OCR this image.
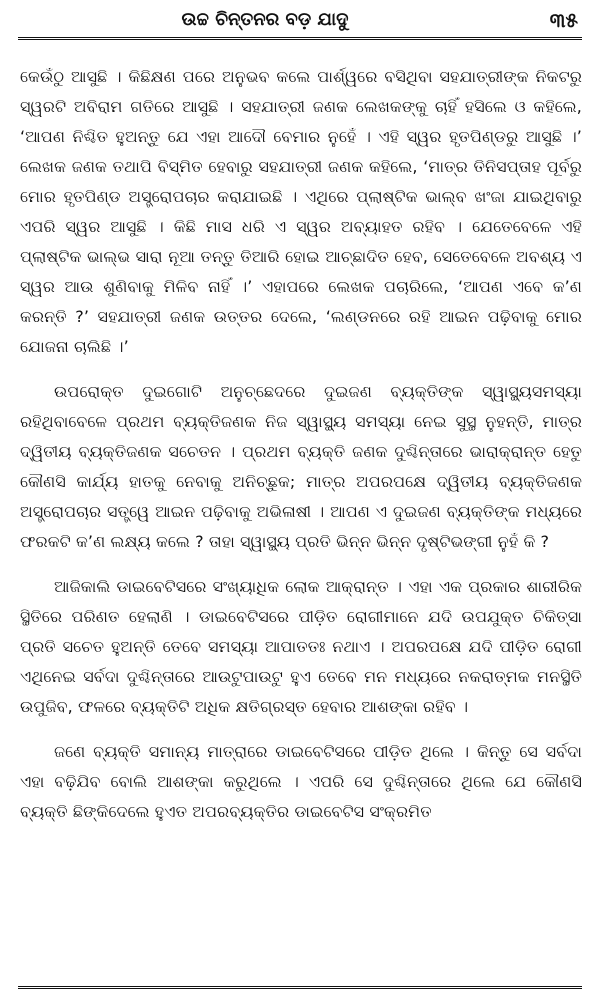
ଉଚ୍ଚ ଚିନ୍ତନର ବଡ଼ ଯାଦୁ	୩୫

କେଉଁଠୁ ଆସୁଛି । କିଛିକ୍ଷଣ ପରେ ଅନୁଭବ କଲେ ପାର୍ଶ୍ୱରେ ବସିଥିବା ସହଯାତ୍ରୀଙ୍କ ନିକଟରୁ ସ୍ୱରଟି ଅବିରାମ ଗତିରେ ଆସୁଛି । ସହଯାତ୍ରୀ ଜଣକ ଲେଖକଙ୍କୁ ଚାହିଁ ହସିଲେ ଓ କହିଲେ, ‘ଆପଣ ନିଶ୍ଚିତ ହୁଅନ୍ତୁ ଯେ ଏହା ଆଦୌ ବେମାର ନୁହେଁ । ଏହି ସ୍ୱର ହୃତପିଣ୍ଡରୁ ଆସୁଛି ।’ ଲେଖକ ଜଣକ ତଥାପି ବିସ୍ମିତ ହେବାରୁ ସହଯାତ୍ରୀ ଜଣକ କହିଲେ, ‘ମାତ୍ର ତିନିସପ୍ତାହ ପୂର୍ବରୁ ମୋର ହୃତପିଣ୍ଡ ଅସ୍ତ୍ରୋପଚାର କରାଯାଇଛି । ଏଥିରେ ପ୍ଲାଷ୍ଟିକ ଭାଲ୍‌ବ ଖଂଜା ଯାଇଥିବାରୁ ଏପରି ସ୍ୱର ଆସୁଛି । କିଛି ମାସ ଧରି ଏ ସ୍ୱର ଅବ୍ୟାହତ ରହିବ । ଯେତେବେଳେ ଏହି ପ୍ଲାଷ୍ଟିକ ଭାଲ୍‌ଭ ସାରା ନୂଆ ତନ୍ତୁ ତିଆରି ହୋଇ ଆଚ୍ଛାଦିତ ହେବ, ସେତେବେଳେ ଅବଶ୍ୟ ଏ ସ୍ୱର ଆଉ ଶୁଣିବାକୁ ମିଳିବ ନାହିଁ ।’ ଏହାପରେ ଲେଖକ ପଚାରିଲେ, ‘ଆପଣ ଏବେ କ’ଣ କରନ୍ତି ?’ ସହଯାତ୍ରୀ ଜଣକ ଉତ୍ତର ଦେଲେ, ‘ଲଣ୍ଡନରେ ରହି ଆଇନ ପଢ଼ିବାକୁ ମୋର ଯୋଜନା ଚାଲିଛି ।’

ଉପରୋକ୍ତ ଦୁଇଗୋଟି ଅନୁଚ୍ଛେଦରେ ଦୁଇଜଣ ବ୍ୟକ୍ତିଙ୍କ ସ୍ୱାସ୍ଥ୍ୟସମସ୍ୟା ରହିଥିବାବେଳେ ପ୍ରଥମ ବ୍ୟକ୍ତିଜଣକ ନିଜ ସ୍ୱାସ୍ଥ୍ୟ ସମସ୍ୟା ନେଇ ସୁସ୍ଥ ନୁହନ୍ତି, ମାତ୍ର ଦ୍ୱିତୀୟ ବ୍ୟକ୍ତିଜଣକ ସଚେତନ । ପ୍ରଥମ ବ୍ୟକ୍ତି ଜଣକ ଦୁଶ୍ଚିନ୍ତାରେ ଭାରାକ୍ରାନ୍ତ ହେତୁ କୌଣସି କାର୍ଯ୍ୟ ହାତକୁ ନେବାକୁ ଅନିଚ୍ଛୁକ; ମାତ୍ର ଅପରପକ୍ଷେ ଦ୍ୱିତୀୟ ବ୍ୟକ୍ତିଜଣକ ଅସ୍ତ୍ରୋପଚାର ସତ୍ତ୍ୱେ ଆଇନ ପଢ଼ିବାକୁ ଅଭିଳାଷୀ । ଆପଣ ଏ ଦୁଇଜଣ ବ୍ୟକ୍ତିଙ୍କ ମଧ୍ୟରେ ଫରକଟି କ’ଣ ଲକ୍ଷ୍ୟ କଲେ ? ତାହା ସ୍ୱାସ୍ଥ୍ୟ ପ୍ରତି ଭିନ୍ନ ଭିନ୍ନ ଦୃଷ୍ଟିଭଙ୍ଗୀ ନୁହଁ କି ?

ଆଜିକାଲି ଡାଇବେଟିସରେ ସଂଖ୍ୟାଧିକ ଲୋକ ଆକ୍ରାନ୍ତ । ଏହା ଏକ ପ୍ରକାର ଶାରୀରିକ ସ୍ଥିତିରେ ପରିଣତ ହେଲାଣି । ଡାଇବେଟିସରେ ପୀଡ଼ିତ ରୋଗୀମାନେ ଯଦି ଉପଯୁକ୍ତ ଚିକିତ୍ସା ପ୍ରତି ସଚେତ ହୁଅନ୍ତି ତେବେ ସମସ୍ୟା ଆପାତତଃ ନଥାଏ । ଅପରପକ୍ଷେ ଯଦି ପୀଡ଼ିତ ରୋଗୀ ଏଥିନେଇ ସର୍ବଦା ଦୁଶ୍ଚିନ୍ତାରେ ଆଉଟୁପାଉଟୁ ହୁଏ ତେବେ ମନ ମଧ୍ୟରେ ନକରାତ୍ମକ ମନସ୍ଥିତି ଉପୁଜିବ, ଫଳରେ ବ୍ୟକ୍ତିଟି ଅଧିକ କ୍ଷତିଗ୍ରସ୍ତ ହେବାର ଆଶଙ୍କା ରହିବ ।

ଜଣେ ବ୍ୟକ୍ତି ସମାନ୍ୟ ମାତ୍ରାରେ ଡାଇବେଟିସରେ ପୀଡ଼ିତ ଥିଲେ । କିନ୍ତୁ ସେ ସର୍ବଦା ଏହା ବଢ଼ିଯିବ ବୋଲି ଆଶଙ୍କା କରୁଥିଲେ । ଏପରି ସେ ଦୁଶ୍ଚିନ୍ତାରେ ଥିଲେ ଯେ କୌଣସି ବ୍ୟକ୍ତି ଛିଙ୍କିଦେଲେ ହୁଏତ ଅପରବ୍ୟକ୍ତିର ଡାଇବେଟିସ ସଂକ୍ରମିତ
